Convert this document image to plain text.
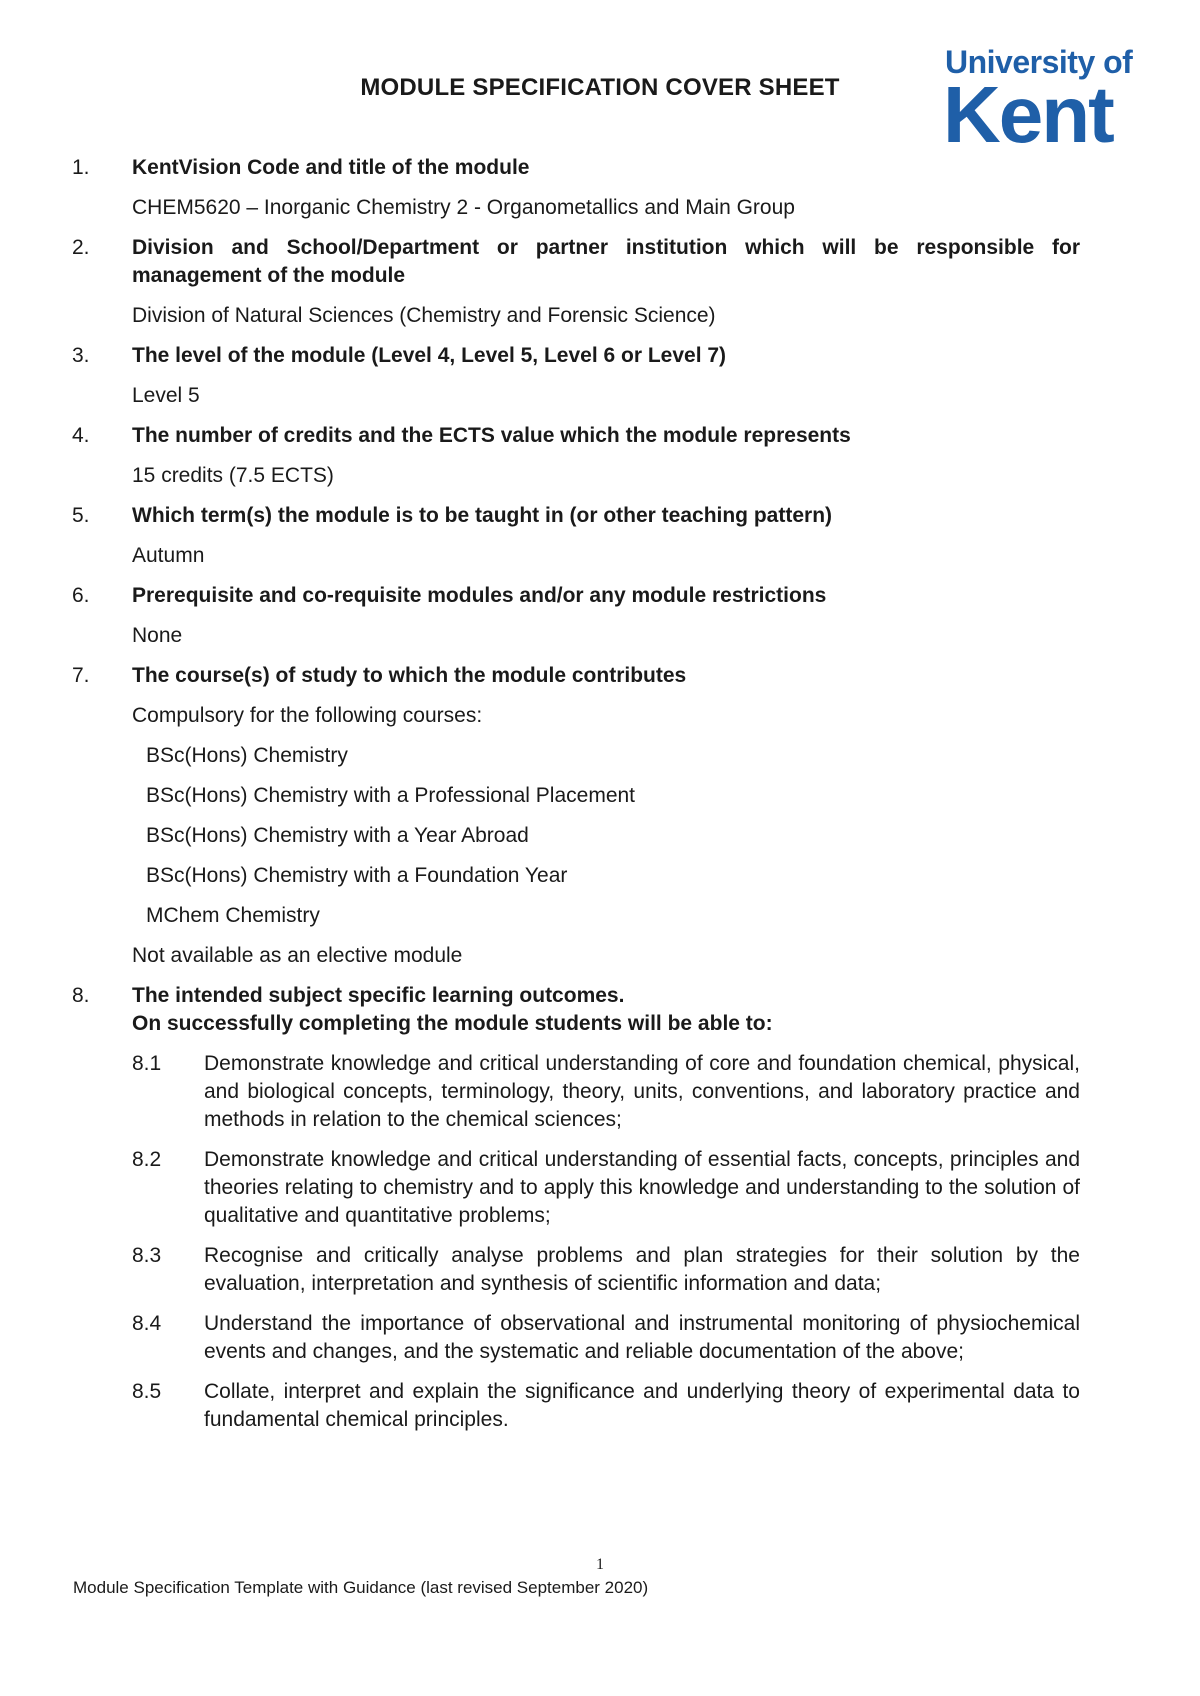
MODULE SPECIFICATION COVER SHEET
University of
Kent
1. KentVision Code and title of the module
CHEM5620 – Inorganic Chemistry 2 - Organometallics and Main Group
2. Division and School/Department or partner institution which will be responsible for management of the module
Division of Natural Sciences (Chemistry and Forensic Science)
3. The level of the module (Level 4, Level 5, Level 6 or Level 7)
Level 5
4. The number of credits and the ECTS value which the module represents
15 credits (7.5 ECTS)
5. Which term(s) the module is to be taught in (or other teaching pattern)
Autumn
6. Prerequisite and co-requisite modules and/or any module restrictions
None
7. The course(s) of study to which the module contributes
Compulsory for the following courses:
BSc(Hons) Chemistry
BSc(Hons) Chemistry with a Professional Placement
BSc(Hons) Chemistry with a Year Abroad
BSc(Hons) Chemistry with a Foundation Year
MChem Chemistry
Not available as an elective module
8. The intended subject specific learning outcomes.
On successfully completing the module students will be able to:
8.1 Demonstrate knowledge and critical understanding of core and foundation chemical, physical, and biological concepts, terminology, theory, units, conventions, and laboratory practice and methods in relation to the chemical sciences;
8.2 Demonstrate knowledge and critical understanding of essential facts, concepts, principles and theories relating to chemistry and to apply this knowledge and understanding to the solution of qualitative and quantitative problems;
8.3 Recognise and critically analyse problems and plan strategies for their solution by the evaluation, interpretation and synthesis of scientific information and data;
8.4 Understand the importance of observational and instrumental monitoring of physiochemical events and changes, and the systematic and reliable documentation of the above;
8.5 Collate, interpret and explain the significance and underlying theory of experimental data to fundamental chemical principles.
1
Module Specification Template with Guidance (last revised September 2020)
